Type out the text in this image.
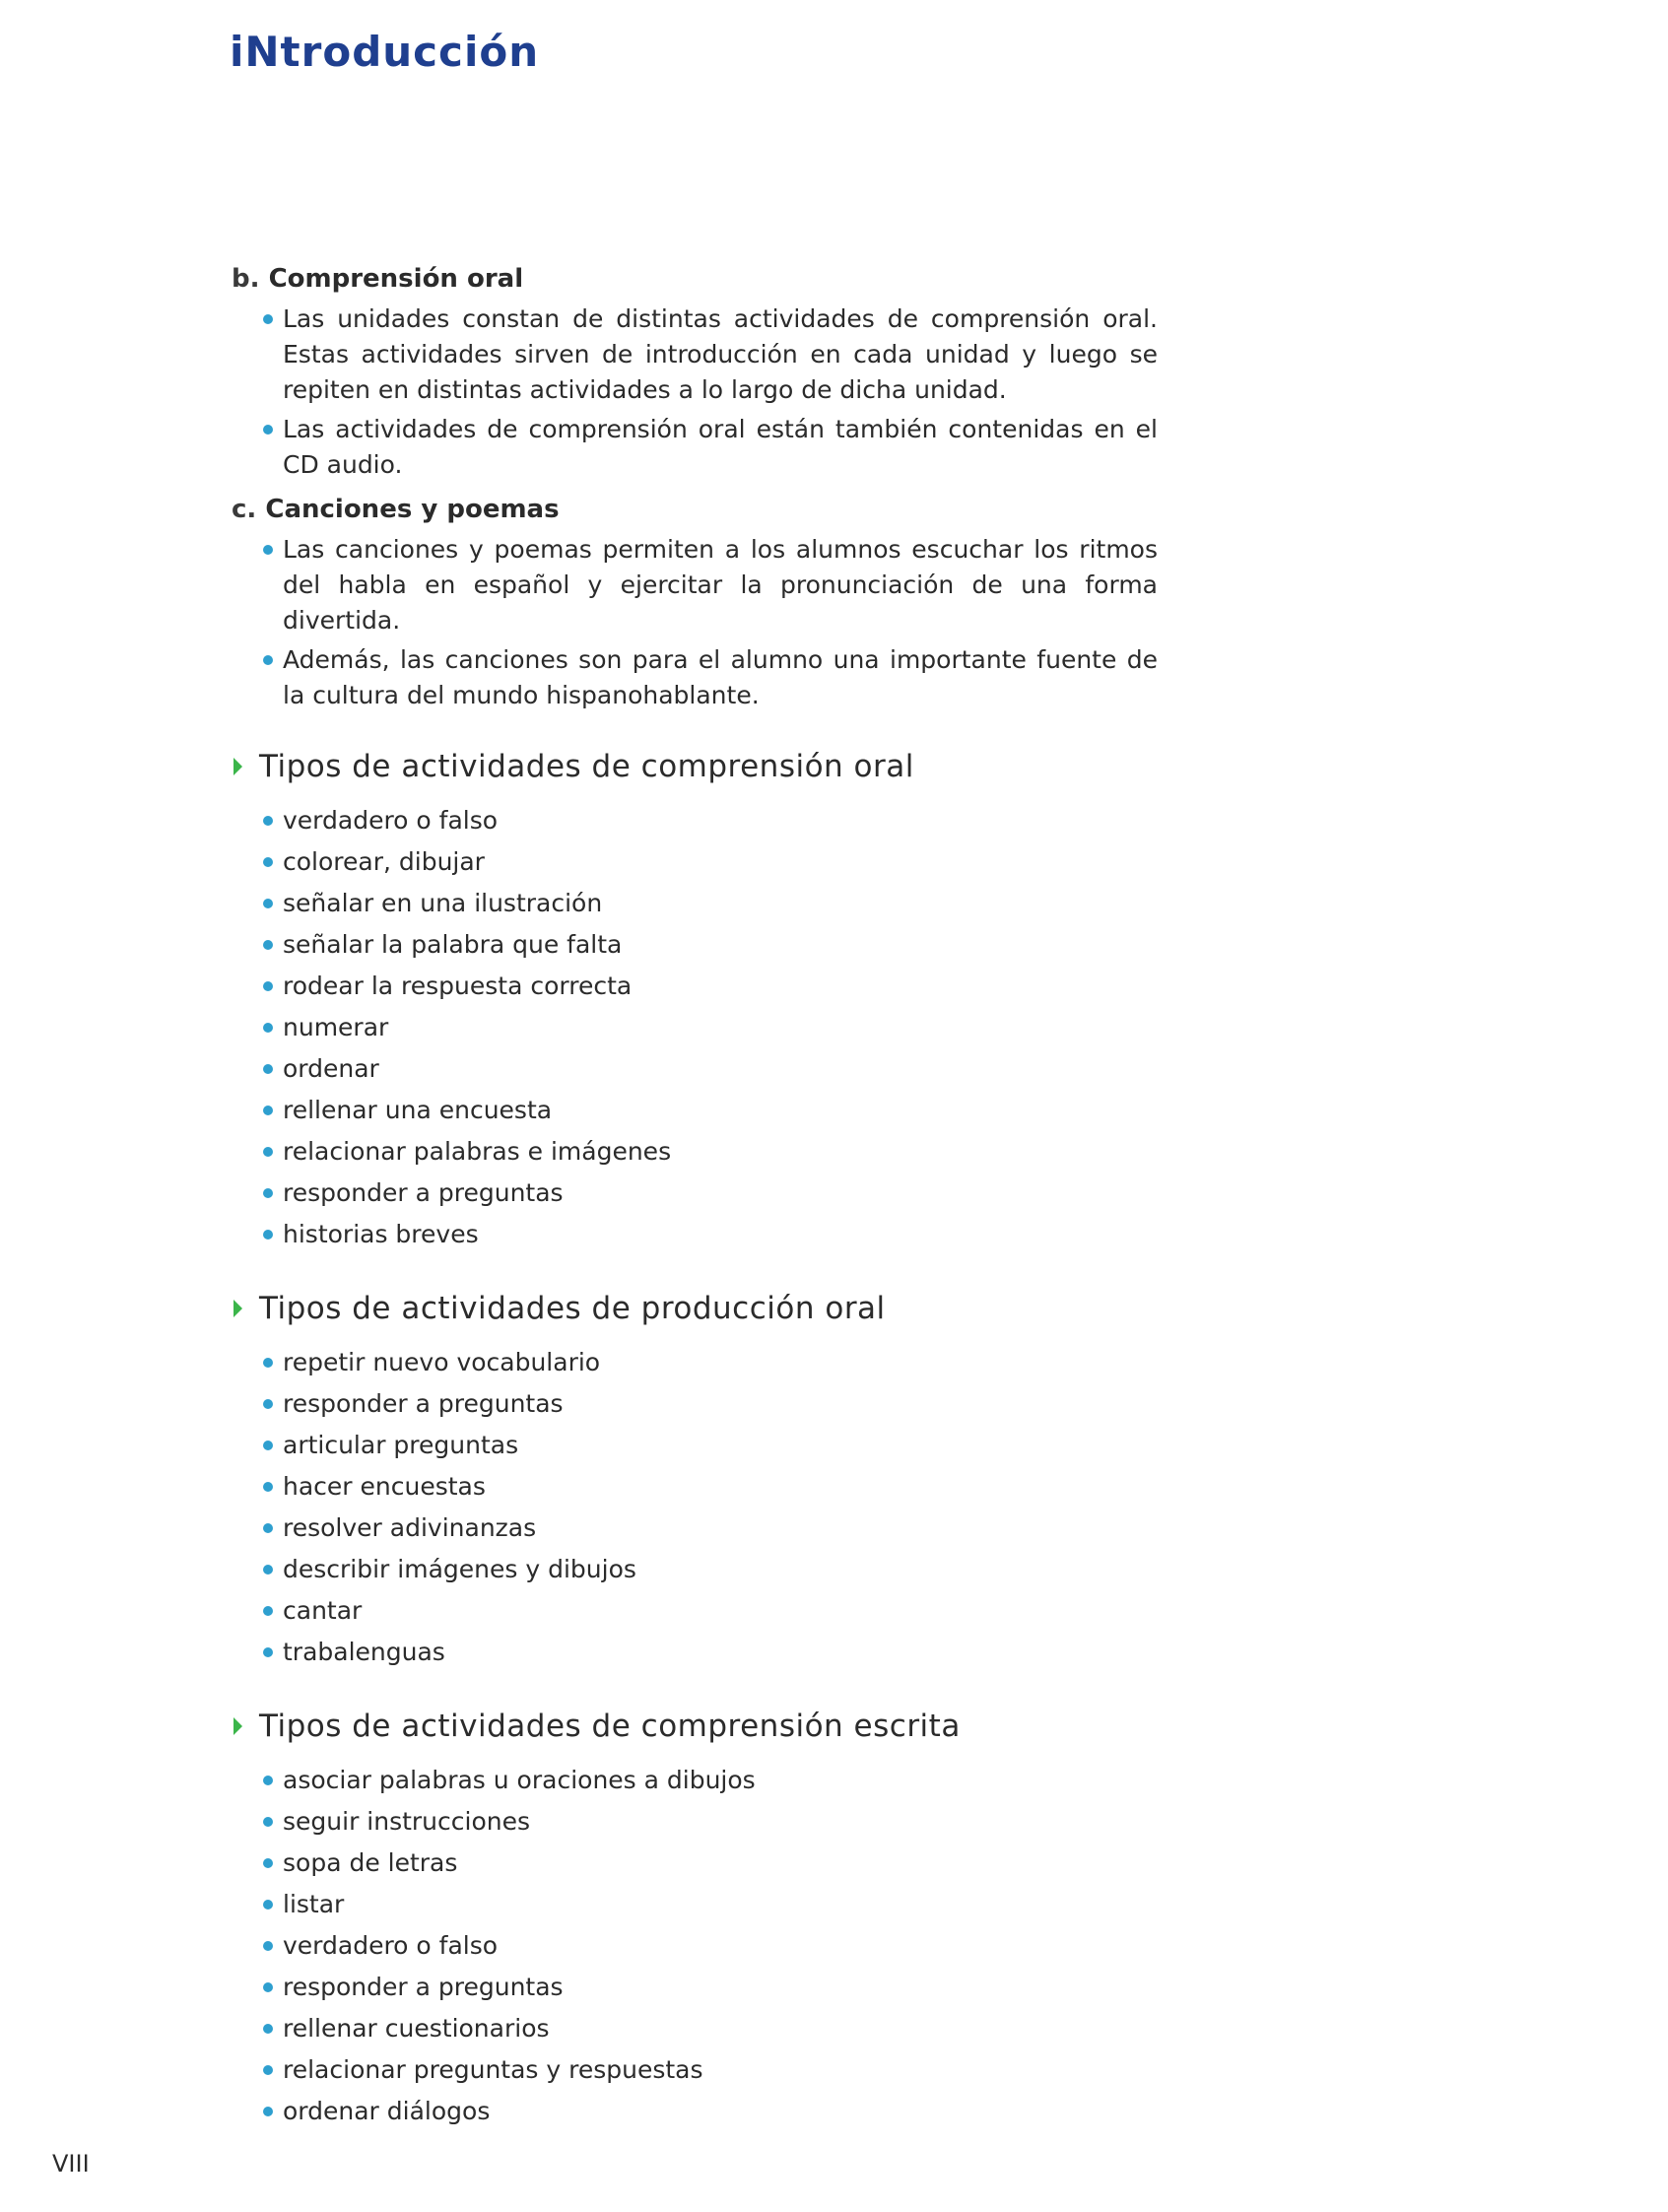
iNtroducción
b. Comprensión oral
Las unidades constan de distintas actividades de comprensión oral. Estas actividades sirven de introducción en cada unidad y luego se repiten en distintas actividades a lo largo de dicha unidad.
Las actividades de comprensión oral están también contenidas en el CD audio.
c. Canciones y poemas
Las canciones y poemas permiten a los alumnos escuchar los ritmos del habla en español y ejercitar la pronunciación de una forma divertida.
Además, las canciones son para el alumno una importante fuente de la cultura del mundo hispanohablante.
Tipos de actividades de comprensión oral
verdadero o falso
colorear, dibujar
señalar en una ilustración
señalar la palabra que falta
rodear la respuesta correcta
numerar
ordenar
rellenar una encuesta
relacionar palabras e imágenes
responder a preguntas
historias breves
Tipos de actividades de producción oral
repetir nuevo vocabulario
responder a preguntas
articular preguntas
hacer encuestas
resolver adivinanzas
describir imágenes y dibujos
cantar
trabalenguas
Tipos de actividades de comprensión escrita
asociar palabras u oraciones a dibujos
seguir instrucciones
sopa de letras
listar
verdadero o falso
responder a preguntas
rellenar cuestionarios
relacionar preguntas y respuestas
ordenar diálogos
VIII
